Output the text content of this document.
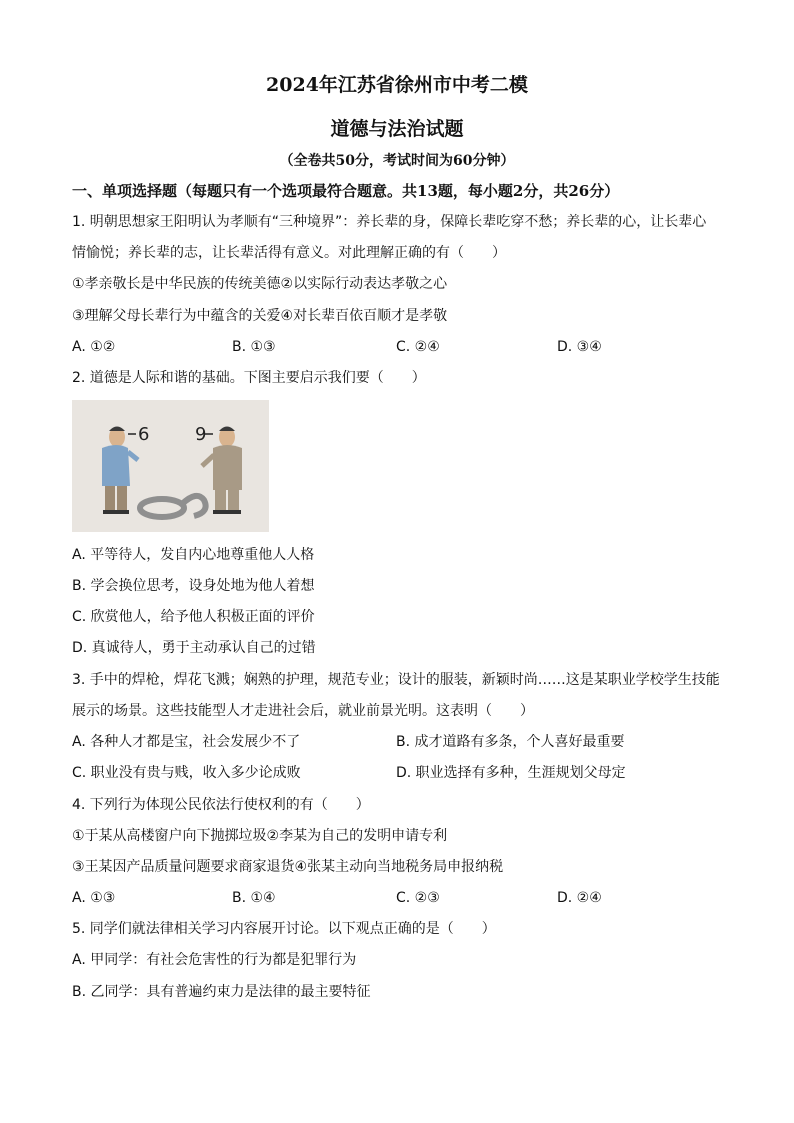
2024年江苏省徐州市中考二模
道德与法治试题
（全卷共50分，考试时间为60分钟）
一、单项选择题（每题只有一个选项最符合题意。共13题，每小题2分，共26分）
1. 明朝思想家王阳明认为孝顺有“三种境界”：养长辈的身，保障长辈吃穿不愁；养长辈的心，让长辈心
情愉悦；养长辈的志，让长辈活得有意义。对此理解正确的有（　　）
①孝亲敬长是中华民族的传统美德②以实际行动表达孝敬之心
③理解父母长辈行为中蕴含的关爱④对长辈百依百顺才是孝敬
A. ①②	B. ①③	C. ②④	D. ③④
2. 道德是人际和谐的基础。下图主要启示我们要（　　）
6	9
A. 平等待人，发自内心地尊重他人人格
B. 学会换位思考，设身处地为他人着想
C. 欣赏他人，给予他人积极正面的评价
D. 真诚待人，勇于主动承认自己的过错
3. 手中的焊枪，焊花飞溅；娴熟的护理，规范专业；设计的服装，新颖时尚……这是某职业学校学生技能
展示的场景。这些技能型人才走进社会后，就业前景光明。这表明（　　）
A. 各种人才都是宝，社会发展少不了	B. 成才道路有多条，个人喜好最重要
C. 职业没有贵与贱，收入多少论成败	D. 职业选择有多种，生涯规划父母定
4. 下列行为体现公民依法行使权利的有（　　）
①于某从高楼窗户向下抛掷垃圾②李某为自己的发明申请专利
③王某因产品质量问题要求商家退货④张某主动向当地税务局申报纳税
A. ①③	B. ①④	C. ②③	D. ②④
5. 同学们就法律相关学习内容展开讨论。以下观点正确的是（　　）
A. 甲同学：有社会危害性的行为都是犯罪行为
B. 乙同学：具有普遍约束力是法律的最主要特征
